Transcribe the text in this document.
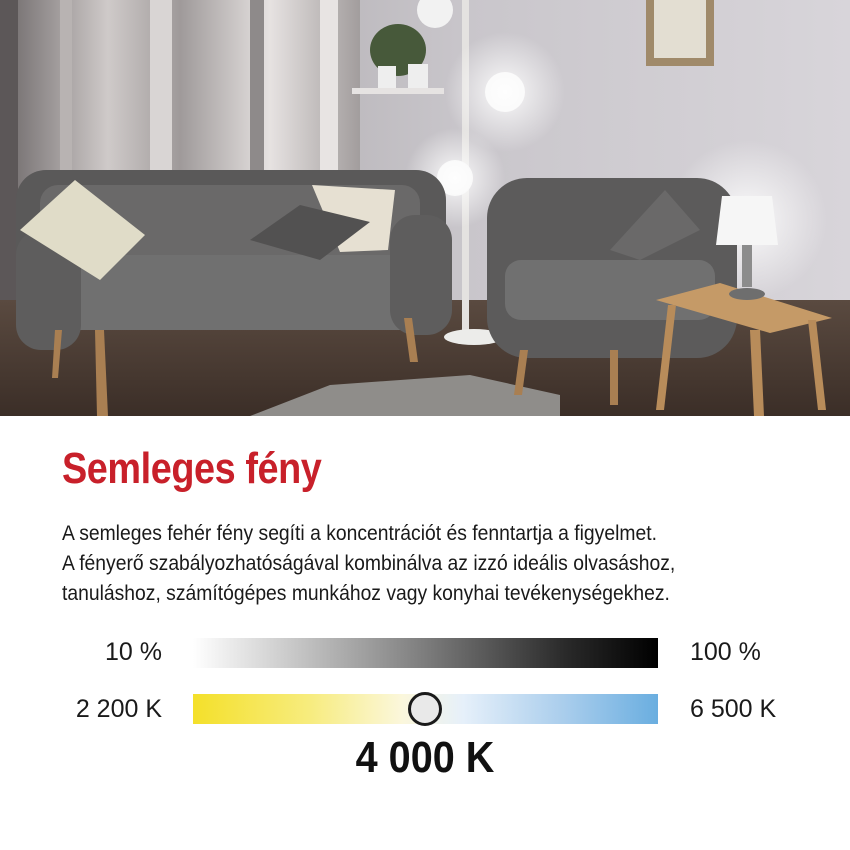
Semleges fény
A semleges fehér fény segíti a koncentrációt és fenntartja a figyelmet.
A fényerő szabályozhatóságával kombinálva az izzó ideális olvasáshoz,
tanuláshoz, számítógépes munkához vagy konyhai tevékenységekhez.
10 %	100 %
2 200 K	6 500 K
4 000 K
